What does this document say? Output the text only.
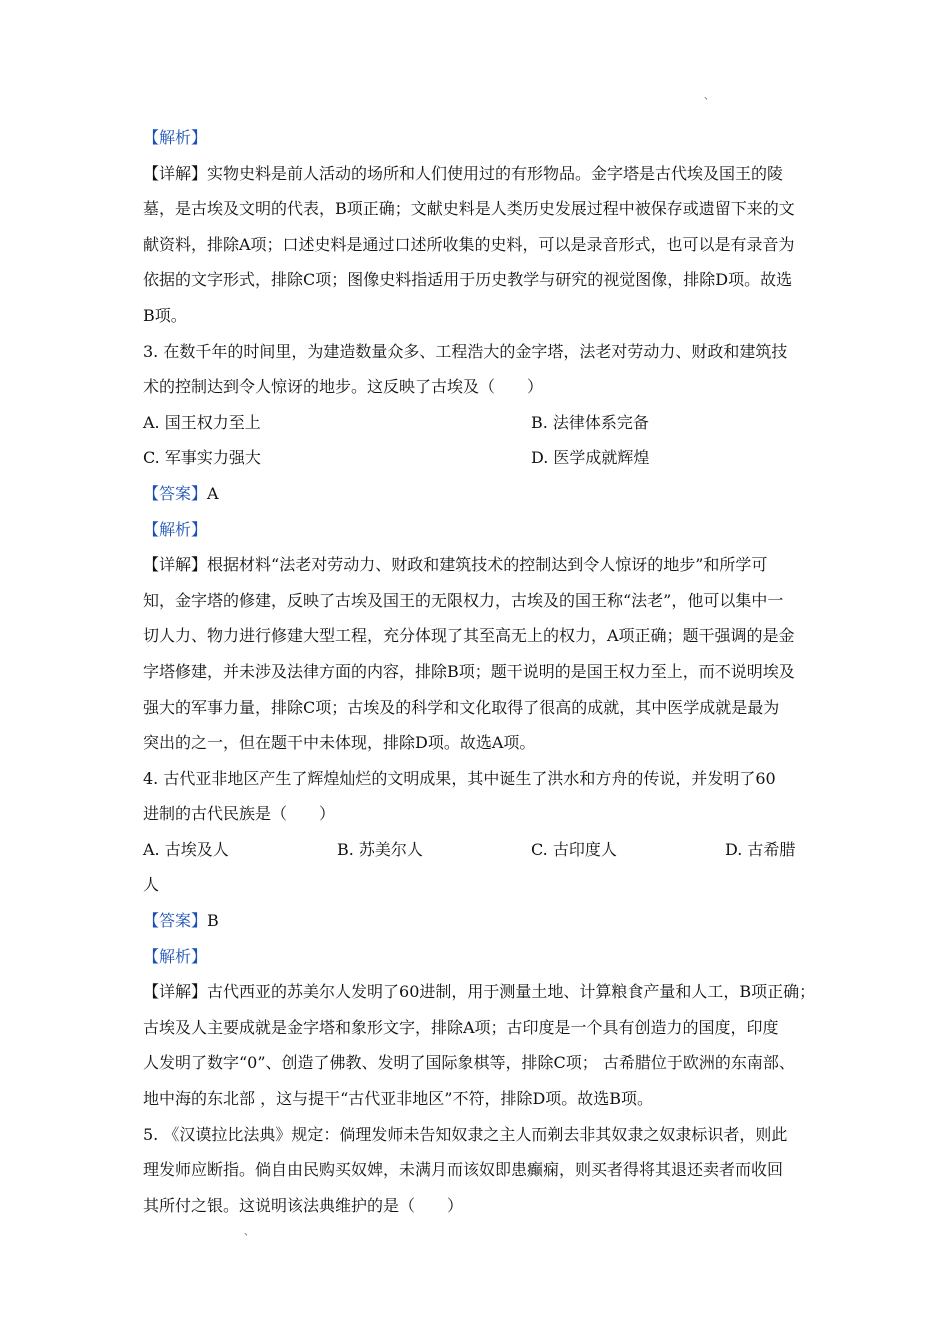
、
【解析】
【详解】实物史料是前人活动的场所和人们使用过的有形物品。金字塔是古代埃及国王的陵
墓，是古埃及文明的代表，B项正确；文献史料是人类历史发展过程中被保存或遗留下来的文
献资料，排除A项；口述史料是通过口述所收集的史料，可以是录音形式，也可以是有录音为
依据的文字形式，排除C项；图像史料指适用于历史教学与研究的视觉图像，排除D项。故选
B项。
3. 在数千年的时间里，为建造数量众多、工程浩大的金字塔，法老对劳动力、财政和建筑技
术的控制达到令人惊讶的地步。这反映了古埃及（　　）
A. 国王权力至上	B. 法律体系完备
C. 军事实力强大	D. 医学成就辉煌
【答案】A
【解析】
【详解】根据材料“法老对劳动力、财政和建筑技术的控制达到令人惊讶的地步”和所学可
知，金字塔的修建，反映了古埃及国王的无限权力，古埃及的国王称“法老”，他可以集中一
切人力、物力进行修建大型工程，充分体现了其至高无上的权力，A项正确；题干强调的是金
字塔修建，并未涉及法律方面的内容，排除B项；题干说明的是国王权力至上，而不说明埃及
强大的军事力量，排除C项；古埃及的科学和文化取得了很高的成就，其中医学成就是最为
突出的之一，但在题干中未体现，排除D项。故选A项。
4. 古代亚非地区产生了辉煌灿烂的文明成果，其中诞生了洪水和方舟的传说，并发明了60
进制的古代民族是（　　）
A. 古埃及人	B. 苏美尔人	C. 古印度人	D. 古希腊
人
【答案】B
【解析】
【详解】古代西亚的苏美尔人发明了60进制，用于测量土地、计算粮食产量和人工，B项正确；
古埃及人主要成就是金字塔和象形文字，排除A项；古印度是一个具有创造力的国度，印度
人发明了数字“0”、创造了佛教、发明了国际象棋等，排除C项； 古希腊位于欧洲的东南部、
地中海的东北部 ，这与提干“古代亚非地区”不符，排除D项。故选B项。
5. 《汉谟拉比法典》规定：倘理发师未告知奴隶之主人而剃去非其奴隶之奴隶标识者，则此
理发师应断指。倘自由民购买奴婢，未满月而该奴即患癫痫，则买者得将其退还卖者而收回
其所付之银。这说明该法典维护的是（　　）
、
